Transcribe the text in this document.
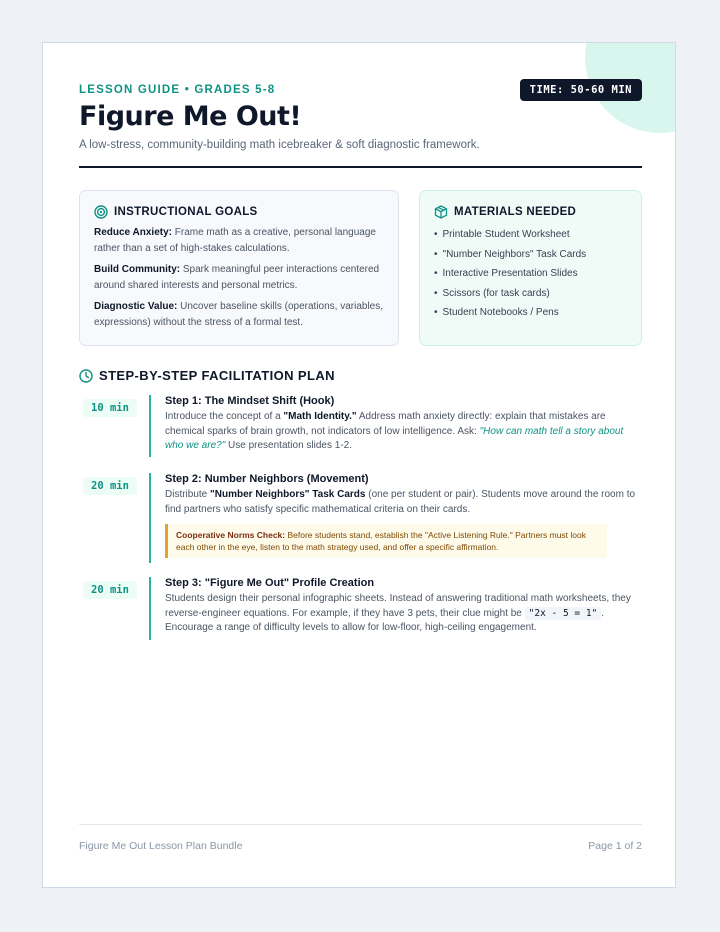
LESSON GUIDE • GRADES 5-8	TIME: 50-60 MIN
Figure Me Out!
A low-stress, community-building math icebreaker & soft diagnostic framework.
INSTRUCTIONAL GOALS
Reduce Anxiety: Frame math as a creative, personal language rather than a set of high-stakes calculations.
Build Community: Spark meaningful peer interactions centered around shared interests and personal metrics.
Diagnostic Value: Uncover baseline skills (operations, variables, expressions) without the stress of a formal test.
MATERIALS NEEDED
• Printable Student Worksheet
• "Number Neighbors" Task Cards
• Interactive Presentation Slides
• Scissors (for task cards)
• Student Notebooks / Pens
STEP-BY-STEP FACILITATION PLAN
10 min
Step 1: The Mindset Shift (Hook)
Introduce the concept of a "Math Identity." Address math anxiety directly: explain that mistakes are chemical sparks of brain growth, not indicators of low intelligence. Ask: "How can math tell a story about who we are?" Use presentation slides 1-2.
20 min
Step 2: Number Neighbors (Movement)
Distribute "Number Neighbors" Task Cards (one per student or pair). Students move around the room to find partners who satisfy specific mathematical criteria on their cards.
Cooperative Norms Check: Before students stand, establish the "Active Listening Rule." Partners must look each other in the eye, listen to the math strategy used, and offer a specific affirmation.
20 min
Step 3: "Figure Me Out" Profile Creation
Students design their personal infographic sheets. Instead of answering traditional math worksheets, they reverse-engineer equations. For example, if they have 3 pets, their clue might be "2x - 5 = 1" . Encourage a range of difficulty levels to allow for low-floor, high-ceiling engagement.
Figure Me Out Lesson Plan Bundle	Page 1 of 2
